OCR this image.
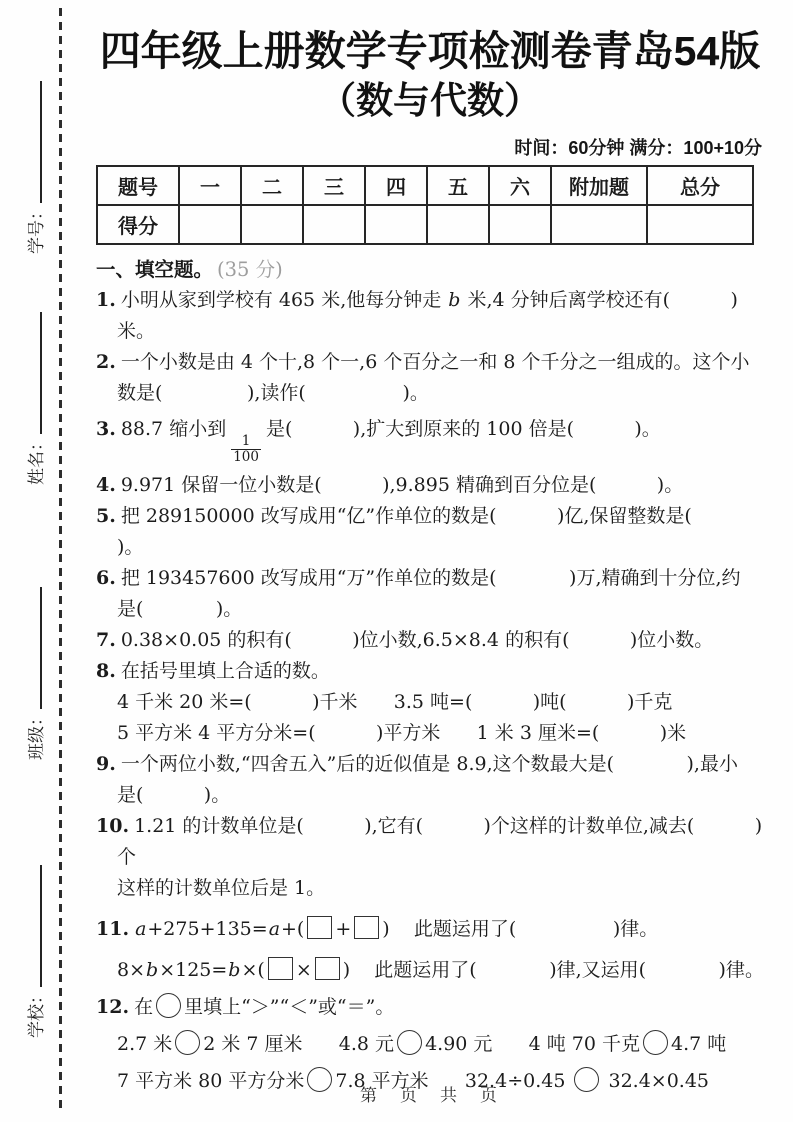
学号：
姓名：
班级：
学校：
四年级上册数学专项检测卷青岛54版
（数与代数）
时间：60分钟 满分：100+10分
题号	一	二	三	四	五	六	附加题	总分
得分								
一、填空题。 (35 分)
1. 小明从家到学校有 465 米,他每分钟走 b 米,4 分钟后离学校还有(          )米。
2. 一个小数是由 4 个十,8 个一,6 个百分之一和 8 个千分之一组成的。这个小
数是(              ),读作(                )。
3. 88.7 缩小到
$\frac{1}{100}$
是(          ),扩大到原来的 100 倍是(          )。
4. 9.971 保留一位小数是(          ),9.895 精确到百分位是(          )。
5. 把 289150000 改写成用“亿”作单位的数是(          )亿,保留整数是(          )。
6. 把 193457600 改写成用“万”作单位的数是(            )万,精确到十分位,约
是(            )。
7. 0.38×0.05 的积有(          )位小数,6.5×8.4 的积有(          )位小数。
8. 在括号里填上合适的数。
4 千米 20 米=(          )千米      3.5 吨=(          )吨(          )千克
5 平方米 4 平方分米=(          )平方米      1 米 3 厘米=(          )米
9. 一个两位小数,“四舍五入”后的近似值是 8.9,这个数最大是(            ),最小
是(          )。
10. 1.21 的计数单位是(          ),它有(          )个这样的计数单位,减去(          )个
这样的计数单位后是 1。
11. a+275+135=a+( + )    此题运用了(                )律。
8×b×125=b×( × )    此题运用了(            )律,又运用(            )律。
12. 在 里填上“＞”“＜”或“＝”。
2.7 米 2 米 7 厘米      4.8 元 4.90 元      4 吨 70 千克 4.7 吨
7 平方米 80 平方分米 7.8 平方米      32.4÷0.45  32.4×0.45
第　页　共　页
